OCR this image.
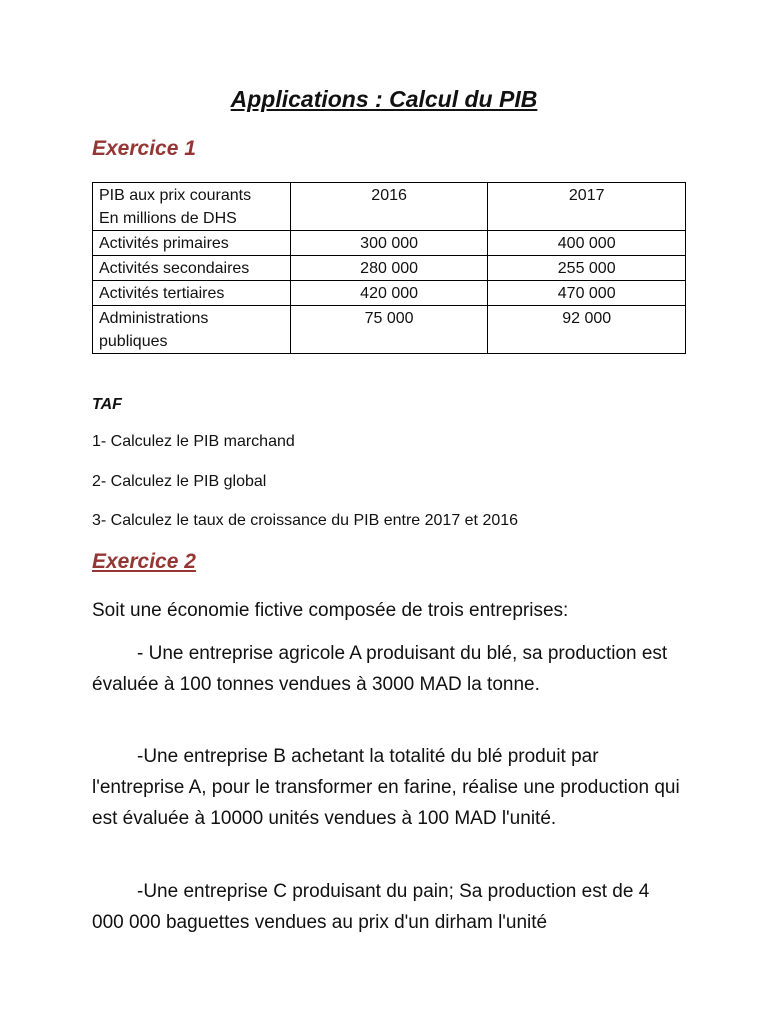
Applications : Calcul du PIB
Exercice 1
PIB aux prix courants
En millions de DHS	2016	2017
Activités primaires	300 000	400 000
Activités secondaires	280 000	255 000
Activités tertiaires	420 000	470 000
Administrations
publiques	75 000	92 000

TAF

1- Calculez le PIB marchand

2- Calculez le PIB global

3- Calculez le taux de croissance du PIB entre 2017 et 2016

Exercice 2

Soit une économie fictive composée de trois entreprises:

- Une entreprise agricole A produisant du blé, sa production est évaluée à 100 tonnes vendues à 3000 MAD la tonne.

-Une entreprise B achetant la totalité du blé produit par l'entreprise A, pour le transformer en farine, réalise une production qui est évaluée à 10000 unités vendues à 100 MAD l'unité.

-Une entreprise C produisant du pain; Sa production est de 4 000 000 baguettes vendues au prix d'un dirham l'unité
